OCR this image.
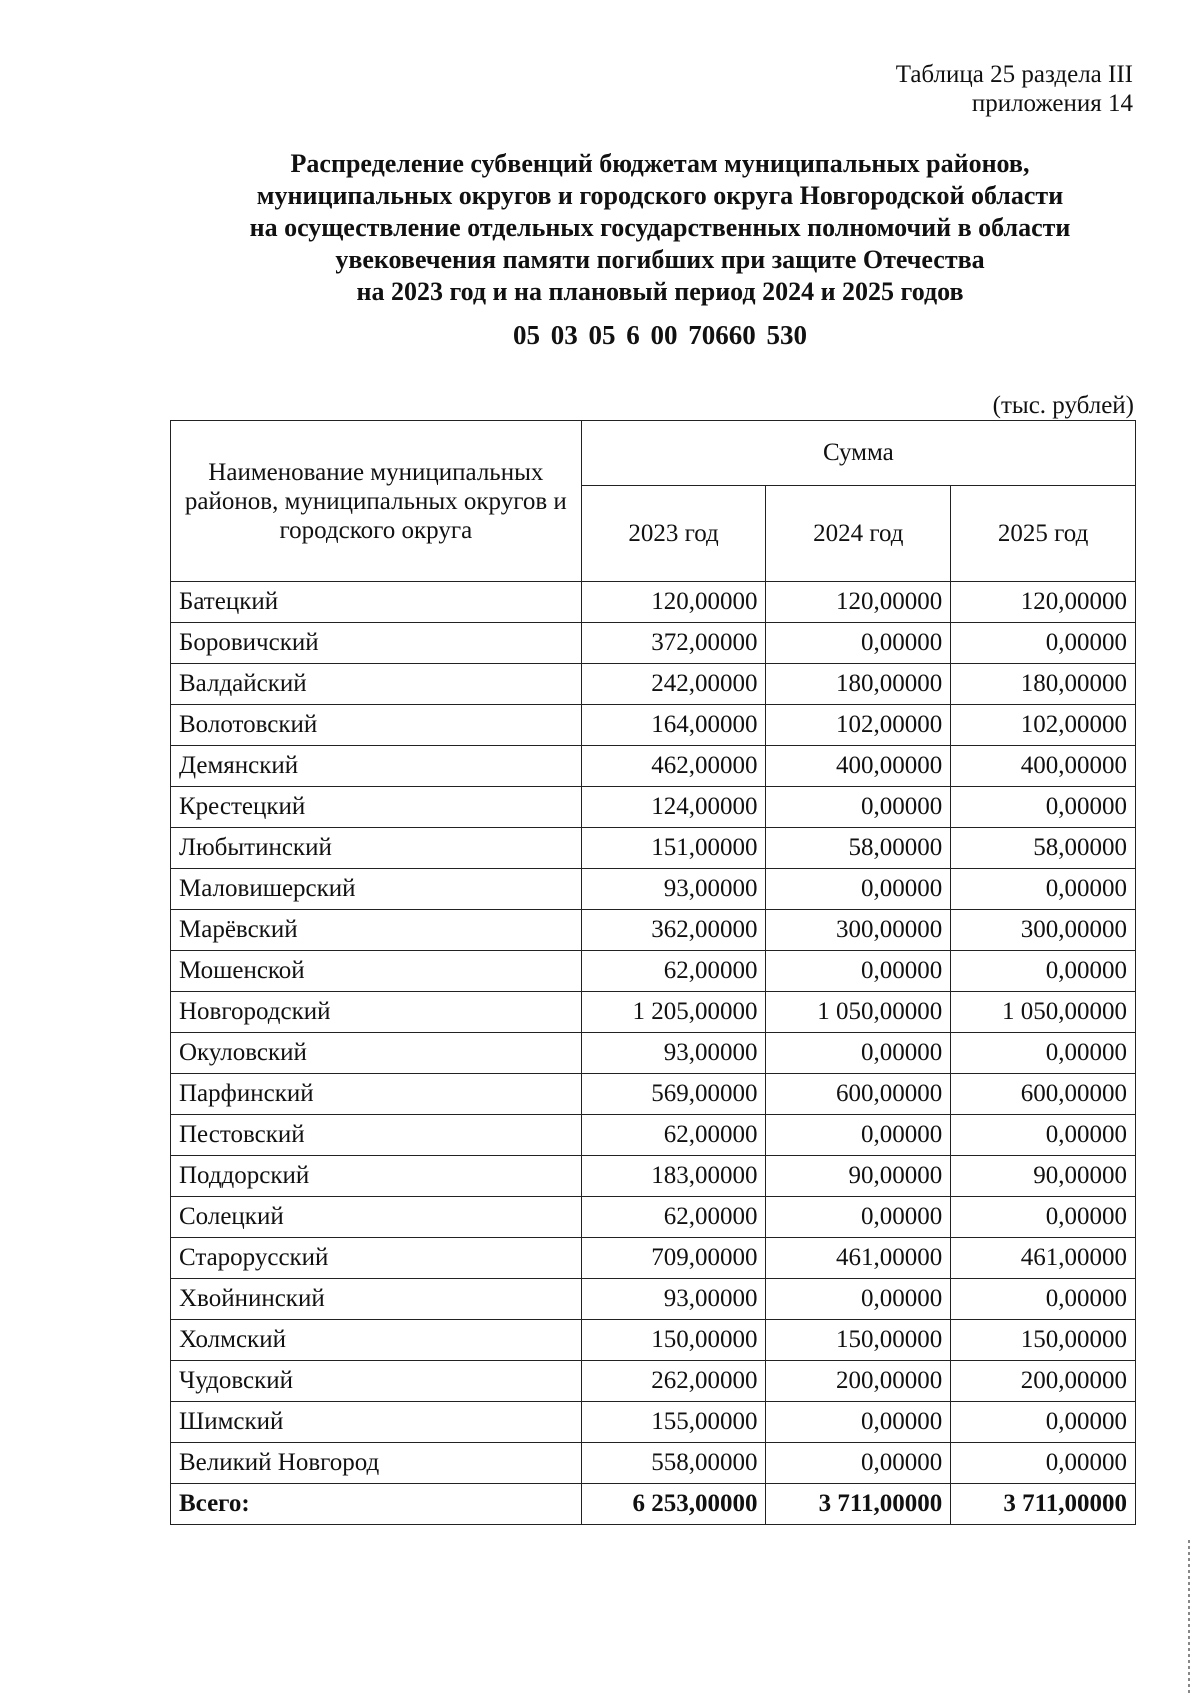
Таблица 25 раздела III
приложения 14
Распределение субвенций бюджетам муниципальных районов,
муниципальных округов и городского округа Новгородской области
на осуществление отдельных государственных полномочий в области
увековечения памяти погибших при защите Отечества
на 2023 год и на плановый период 2024 и 2025 годов
05 03 05 6 00 70660 530
(тыс. рублей)
Наименование муниципальных районов, муниципальных округов и городского округа	Сумма		
	2023 год	2024 год	2025 год
Батецкий	120,00000	120,00000	120,00000
Боровичский	372,00000	0,00000	0,00000
Валдайский	242,00000	180,00000	180,00000
Волотовский	164,00000	102,00000	102,00000
Демянский	462,00000	400,00000	400,00000
Крестецкий	124,00000	0,00000	0,00000
Любытинский	151,00000	58,00000	58,00000
Маловишерский	93,00000	0,00000	0,00000
Марёвский	362,00000	300,00000	300,00000
Мошенской	62,00000	0,00000	0,00000
Новгородский	1 205,00000	1 050,00000	1 050,00000
Окуловский	93,00000	0,00000	0,00000
Парфинский	569,00000	600,00000	600,00000
Пестовский	62,00000	0,00000	0,00000
Поддорский	183,00000	90,00000	90,00000
Солецкий	62,00000	0,00000	0,00000
Старорусский	709,00000	461,00000	461,00000
Хвойнинский	93,00000	0,00000	0,00000
Холмский	150,00000	150,00000	150,00000
Чудовский	262,00000	200,00000	200,00000
Шимский	155,00000	0,00000	0,00000
Великий Новгород	558,00000	0,00000	0,00000
Всего:	6 253,00000	3 711,00000	3 711,00000
